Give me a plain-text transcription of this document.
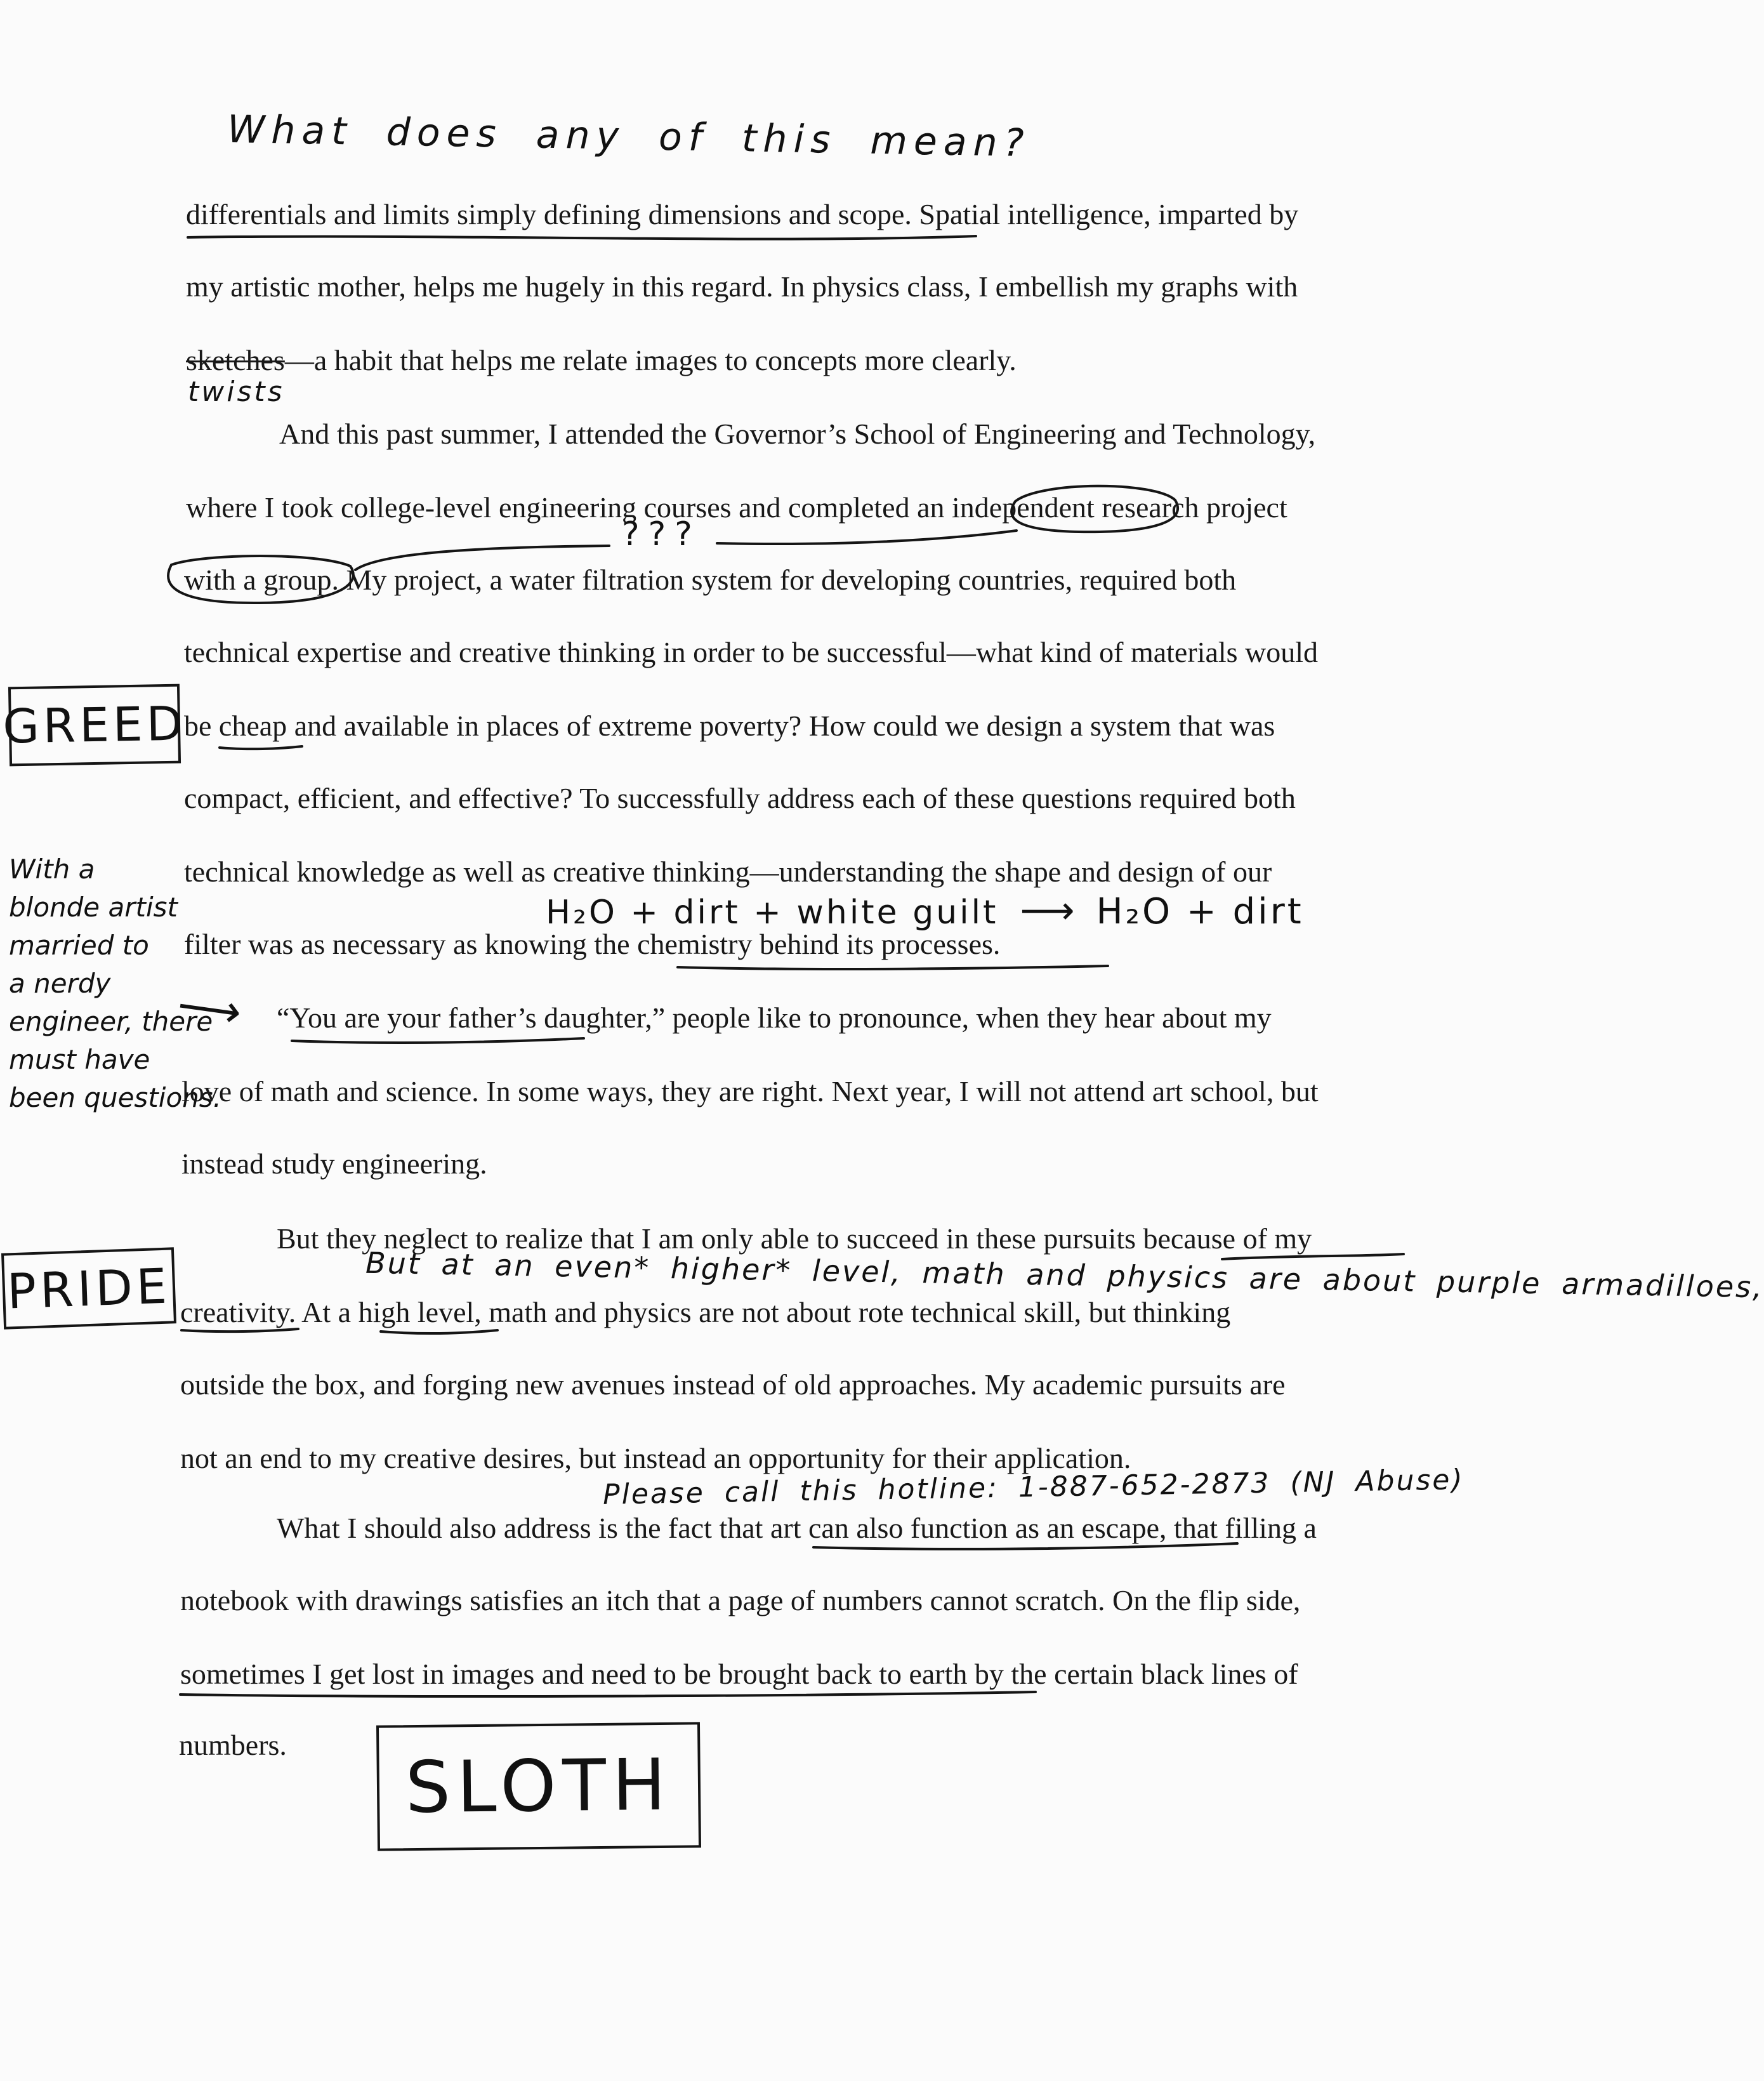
What does any of this mean?
differentials and limits simply defining dimensions and scope. Spatial intelligence, imparted by
my artistic mother, helps me hugely in this regard. In physics class, I embellish my graphs with
sketches—a habit that helps me relate images to concepts more clearly.
twists
And this past summer, I attended the Governor’s School of Engineering and Technology,
where I took college-level engineering courses and completed an independent research project
???
with a group. My project, a water filtration system for developing countries, required both
technical expertise and creative thinking in order to be successful—what kind of materials would
GREED
be cheap and available in places of extreme poverty? How could we design a system that was
compact, efficient, and effective? To successfully address each of these questions required both
With a
blonde artist
married to
a nerdy
engineer, there
must have
been questions.
technical knowledge as well as creative thinking—understanding the shape and design of our
H₂O + dirt + white guilt ⟶ H₂O + dirt
filter was as necessary as knowing the chemistry behind its processes.
⟶ “You are your father’s daughter,” people like to pronounce, when they hear about my
love of math and science. In some ways, they are right. Next year, I will not attend art school, but
instead study engineering.
But they neglect to realize that I am only able to succeed in these pursuits because of my
PRIDE	But at an even* higher* level, math and physics are about purple armadilloes,
creativity. At a high level, math and physics are not about rote technical skill, but thinking
outside the box, and forging new avenues instead of old approaches. My academic pursuits are
not an end to my creative desires, but instead an opportunity for their application.
Please call this hotline: 1-887-652-2873 (NJ Abuse)
What I should also address is the fact that art can also function as an escape, that filling a
notebook with drawings satisfies an itch that a page of numbers cannot scratch. On the flip side,
sometimes I get lost in images and need to be brought back to earth by the certain black lines of
numbers. SLOTH
